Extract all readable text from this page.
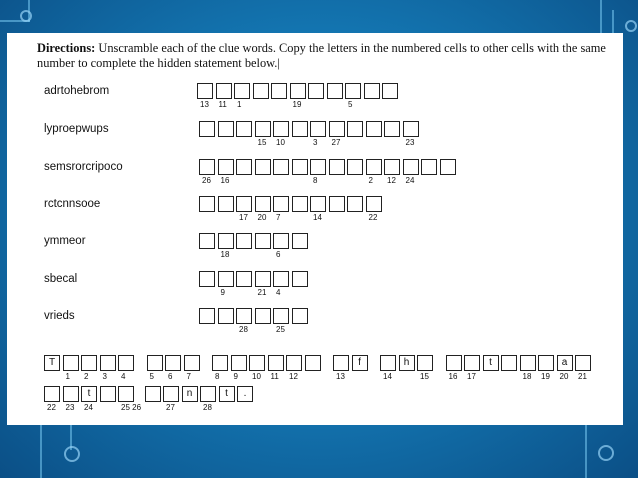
Directions: Unscramble each of the clue words. Copy the letters in the numbered cells to other cells with the same number to complete the hidden statement below.|
adrtohebrom
13 11 1	19	5
lyproepwups
15 10	3 27	23
semsrorcripoco
26 16	8	2 12 24
rctcnnsooe
17 20 7	14	22
ymmeor
18	6
sbecal
9	21 4
vrieds
28	25
1 2 3 4
T
5 6 7	8 9 10 11 12	13
f
14	15
h
16 17	18 19 20 21
t	a
22 23 24	25 26
t
27	28
n	t	.
